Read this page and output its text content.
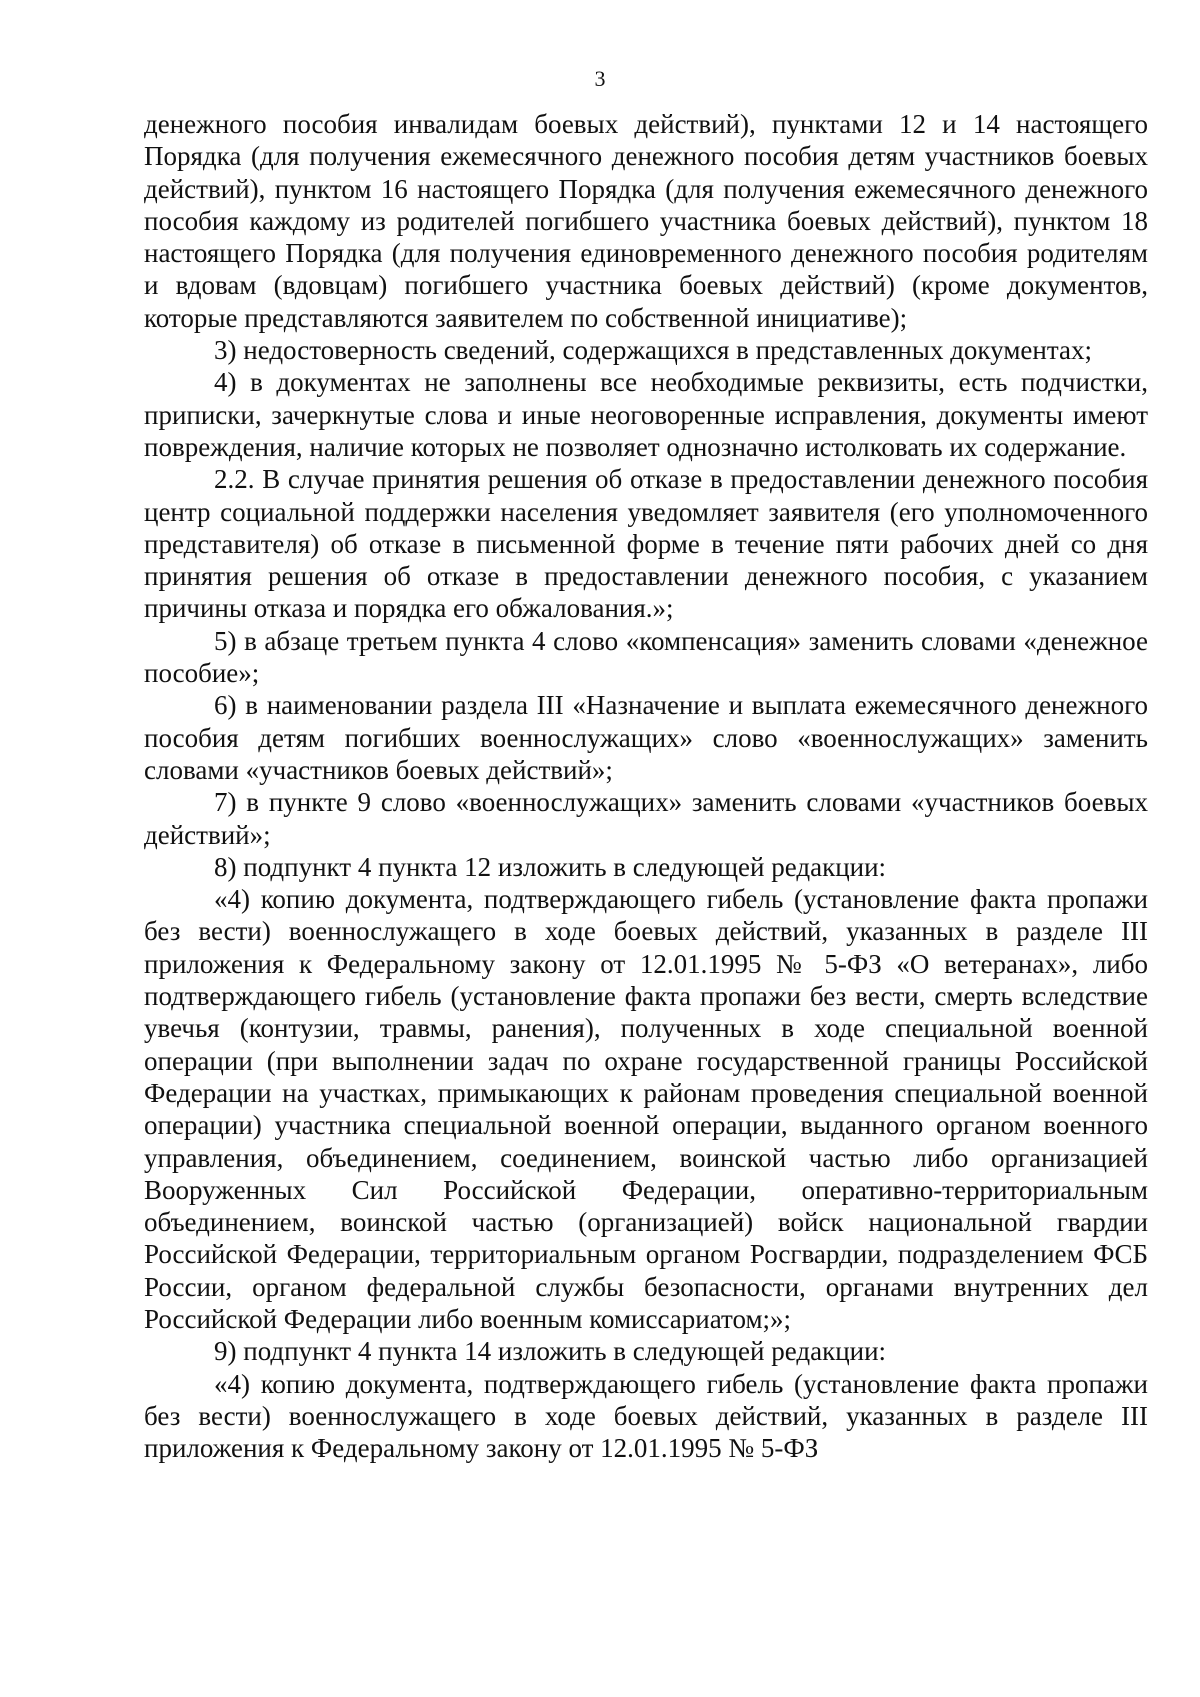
3

денежного пособия инвалидам боевых действий), пунктами 12 и 14 настоящего Порядка (для получения ежемесячного денежного пособия детям участников боевых действий), пунктом 16 настоящего Порядка (для получения ежемесячного денежного пособия каждому из родителей погибшего участника боевых действий), пунктом 18 настоящего Порядка (для получения единовременного денежного пособия родителям и вдовам (вдовцам) погибшего участника боевых действий) (кроме документов, которые представляются заявителем по собственной инициативе);

3) недостоверность сведений, содержащихся в представленных документах;

4) в документах не заполнены все необходимые реквизиты, есть подчистки, приписки, зачеркнутые слова и иные неоговоренные исправления, документы имеют повреждения, наличие которых не позволяет однозначно истолковать их содержание.

2.2. В случае принятия решения об отказе в предоставлении денежного пособия центр социальной поддержки населения уведомляет заявителя (его уполномоченного представителя) об отказе в письменной форме в течение пяти рабочих дней со дня принятия решения об отказе в предоставлении денежного пособия, с указанием причины отказа и порядка его обжалования.»;

5) в абзаце третьем пункта 4 слово «компенсация» заменить словами «денежное пособие»;

6) в наименовании раздела III «Назначение и выплата ежемесячного денежного пособия детям погибших военнослужащих» слово «военнослужащих» заменить словами «участников боевых действий»;

7) в пункте 9 слово «военнослужащих» заменить словами «участников боевых действий»;

8) подпункт 4 пункта 12 изложить в следующей редакции:

«4) копию документа, подтверждающего гибель (установление факта пропажи без вести) военнослужащего в ходе боевых действий, указанных в разделе III приложения к Федеральному закону от 12.01.1995 № 5-ФЗ «О ветеранах», либо подтверждающего гибель (установление факта пропажи без вести, смерть вследствие увечья (контузии, травмы, ранения), полученных в ходе специальной военной операции (при выполнении задач по охране государственной границы Российской Федерации на участках, примыкающих к районам проведения специальной военной операции) участника специальной военной операции, выданного органом военного управления, объединением, соединением, воинской частью либо организацией Вооруженных Сил Российской Федерации, оперативно-территориальным объединением, воинской частью (организацией) войск национальной гвардии Российской Федерации, территориальным органом Росгвардии, подразделением ФСБ России, органом федеральной службы безопасности, органами внутренних дел Российской Федерации либо военным комиссариатом;»;

9) подпункт 4 пункта 14 изложить в следующей редакции:

«4) копию документа, подтверждающего гибель (установление факта пропажи без вести) военнослужащего в ходе боевых действий, указанных в разделе III приложения к Федеральному закону от 12.01.1995 № 5-ФЗ
